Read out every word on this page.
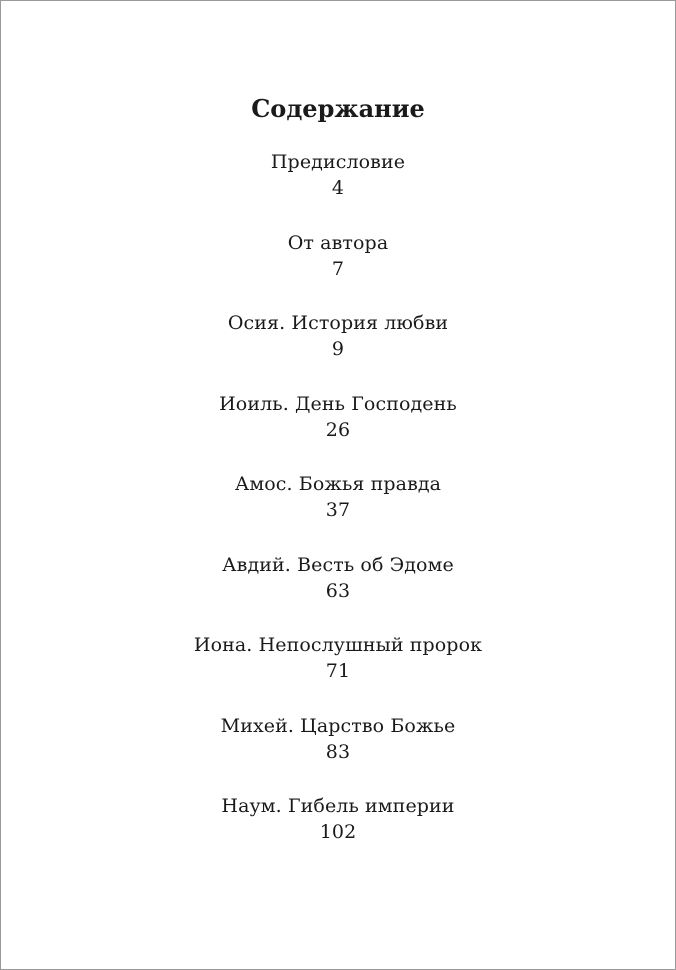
Содержание
Предисловие
4
От автора
7
Осия. История любви
9
Иоиль. День Господень
26
Амос. Божья правда
37
Авдий. Весть об Эдоме
63
Иона. Непослушный пророк
71
Михей. Царство Божье
83
Наум. Гибель империи
102
